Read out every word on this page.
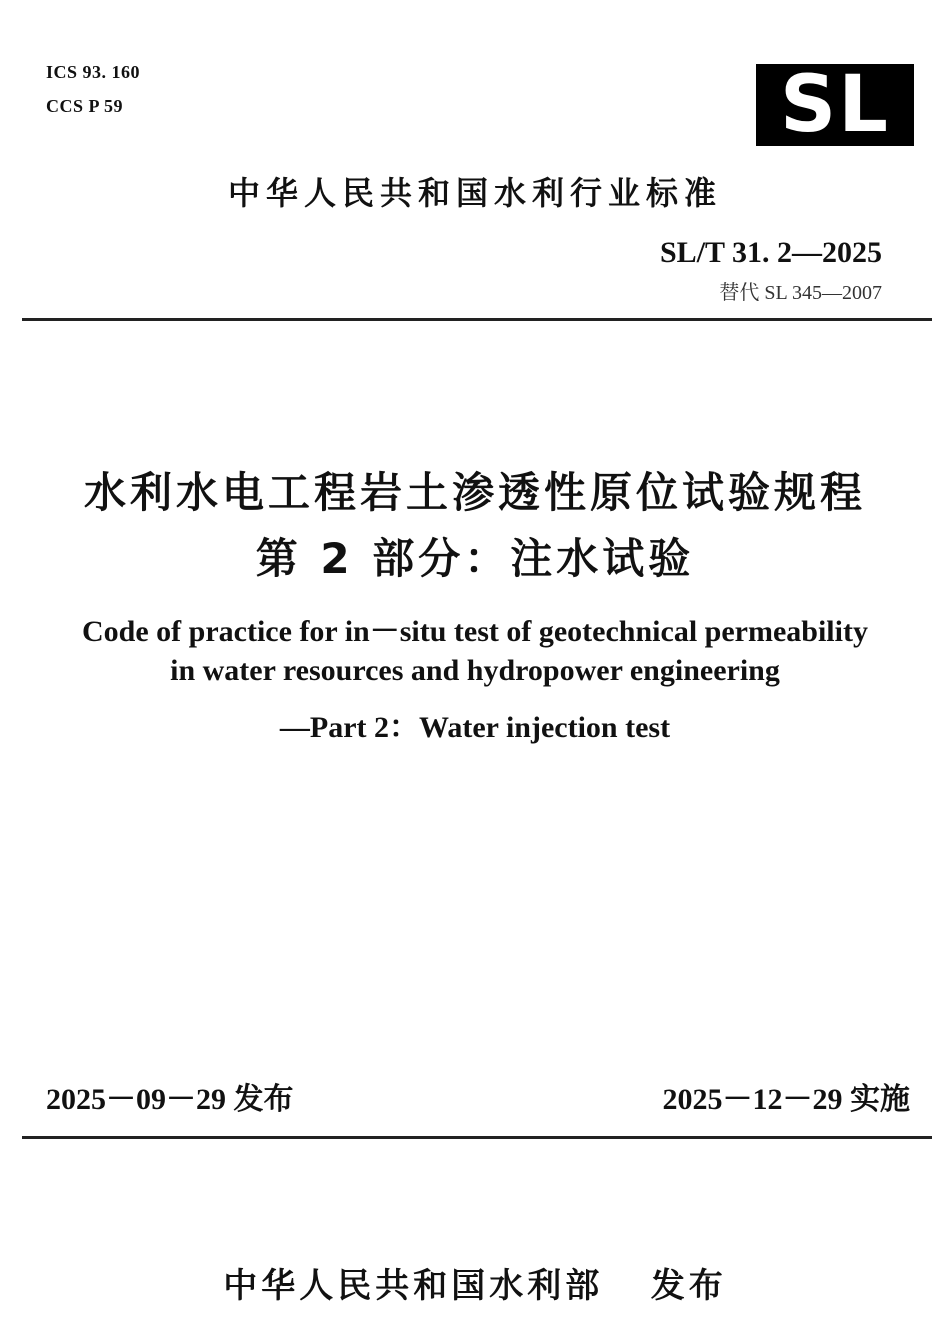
ICS 93. 160
CCS P 59	SL
中华人民共和国水利行业标准
SL/T 31. 2—2025
替代 SL 345—2007
水利水电工程岩土渗透性原位试验规程
第 2 部分：注水试验
Code of practice for in－situ test of geotechnical permeability
in water resources and hydropower engineering
—Part 2：Water injection test
2025－09－29 发布	2025－12－29 实施
中华人民共和国水利部   发布
